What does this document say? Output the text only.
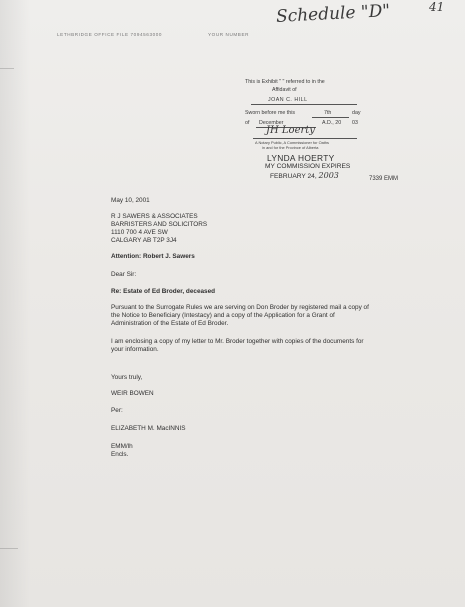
Schedule "D"	41
LETHBRIDGE OFFICE FILE 7094563000	YOUR NUMBER
This is Exhibit " " referred to in the
Affidavit of
JOAN C. HILL
Sworn before me this	7th	day
of December	A.D., 20 03
JH Loerty
A Notary Public, A Commissioner for Oaths
in and for the Province of Alberta
LYNDA HOERTY
MY COMMISSION EXPIRES
FEBRUARY 24, 2003	7339 EMM
May 10, 2001
R J SAWERS & ASSOCIATES
BARRISTERS AND SOLICITORS
1110 700 4 AVE SW
CALGARY AB T2P 3J4
Attention: Robert J. Sawers
Dear Sir:
Re: Estate of Ed Broder, deceased
Pursuant to the Surrogate Rules we are serving on Don Broder by registered mail a copy of
the Notice to Beneficiary (Intestacy) and a copy of the Application for a Grant of
Administration of the Estate of Ed Broder.
I am enclosing a copy of my letter to Mr. Broder together with copies of the documents for
your information.
Yours truly,
WEIR BOWEN
Per:
ELIZABETH M. MacINNIS
EMM/lh
Encls.
